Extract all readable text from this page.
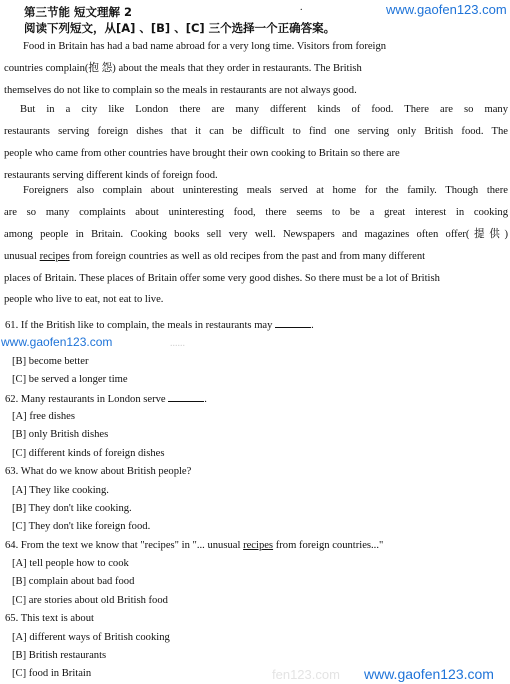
第三节能 短文理解 2	.	www.gaofen123.com
阅读下列短文，从[A] 、[B] 、[C] 三个选择一个正确答案。
Food in Britain has had a bad name abroad for a very long time. Visitors from foreign
countries complain(抱 怨) about the meals that they order in restaurants. The British
themselves do not like to complain so the meals in restaurants are not always good.
But in a city like London there are many different kinds of food. There are so many
restaurants serving foreign dishes that it can be difficult to find one serving only British food. The
people who came from other countries have brought their own cooking to Britain so there are
restaurants serving different kinds of foreign food.
Foreigners also complain about uninteresting meals served at home for the family. Though there
are so many complaints about uninteresting food, there seems to be a great interest in cooking
among people in Britain. Cooking books sell very well. Newspapers and magazines often offer(提供)
unusual recipes from foreign countries as well as old recipes from the past and from many different
places of Britain. These places of Britain offer some very good dishes. So there must be a lot of British
people who live to eat, not eat to live.
61. If the British like to complain, the meals in restaurants may	.
[B] become better
[C] be served a longer time
62. Many restaurants in London serve	.
[A] free dishes
[B] only British dishes
[C] different kinds of foreign dishes
63. What do we know about British people?
[A] They like cooking.
[B] They don't like cooking.
[C] They don't like foreign food.
64. From the text we know that "recipes" in "... unusual recipes from foreign countries..."
[A] tell people how to cook
[B] complain about bad food
[C] are stories about old British food
65. This text is about
[A] different ways of British cooking
[B] British restaurants
[C] food in Britain
www.gaofen123.com	......
fen123.com www.gaofen123.com
